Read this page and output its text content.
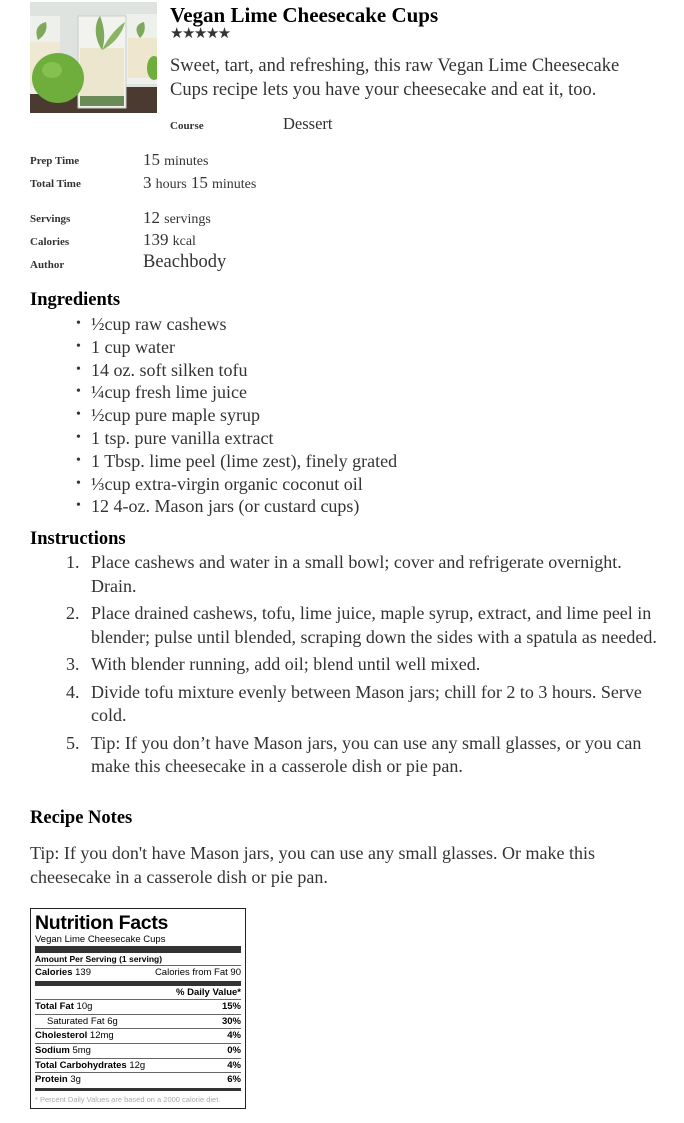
Vegan Lime Cheesecake Cups
★★★★★
Sweet, tart, and refreshing, this raw Vegan Lime Cheesecake Cups recipe lets you have your cheesecake and eat it, too.
Course	Dessert
Prep Time	15 minutes
Total Time	3 hours 15 minutes
Servings	12 servings
Calories	139 kcal
Author	Beachbody
Ingredients
• ½cup raw cashews
• 1 cup water
• 14 oz. soft silken tofu
• ¼cup fresh lime juice
• ½cup pure maple syrup
• 1 tsp. pure vanilla extract
• 1 Tbsp. lime peel (lime zest), finely grated
• ⅓cup extra-virgin organic coconut oil
• 12 4-oz. Mason jars (or custard cups)
Instructions
1. Place cashews and water in a small bowl; cover and refrigerate overnight. Drain.
2. Place drained cashews, tofu, lime juice, maple syrup, extract, and lime peel in blender; pulse until blended, scraping down the sides with a spatula as needed.
3. With blender running, add oil; blend until well mixed.
4. Divide tofu mixture evenly between Mason jars; chill for 2 to 3 hours. Serve cold.
5. Tip: If you don’t have Mason jars, you can use any small glasses, or you can make this cheesecake in a casserole dish or pie pan.
Recipe Notes

Tip: If you don't have Mason jars, you can use any small glasses. Or make this cheesecake in a casserole dish or pie pan.

Nutrition Facts
Vegan Lime Cheesecake Cups
Amount Per Serving (1 serving)
Calories 139	Calories from Fat 90
% Daily Value*
Total Fat 10g	15%
Saturated Fat 6g	30%
Cholesterol 12mg	4%
Sodium 5mg	0%
Total Carbohydrates 12g	4%
Protein 3g	6%
* Percent Daily Values are based on a 2000 calorie diet.
